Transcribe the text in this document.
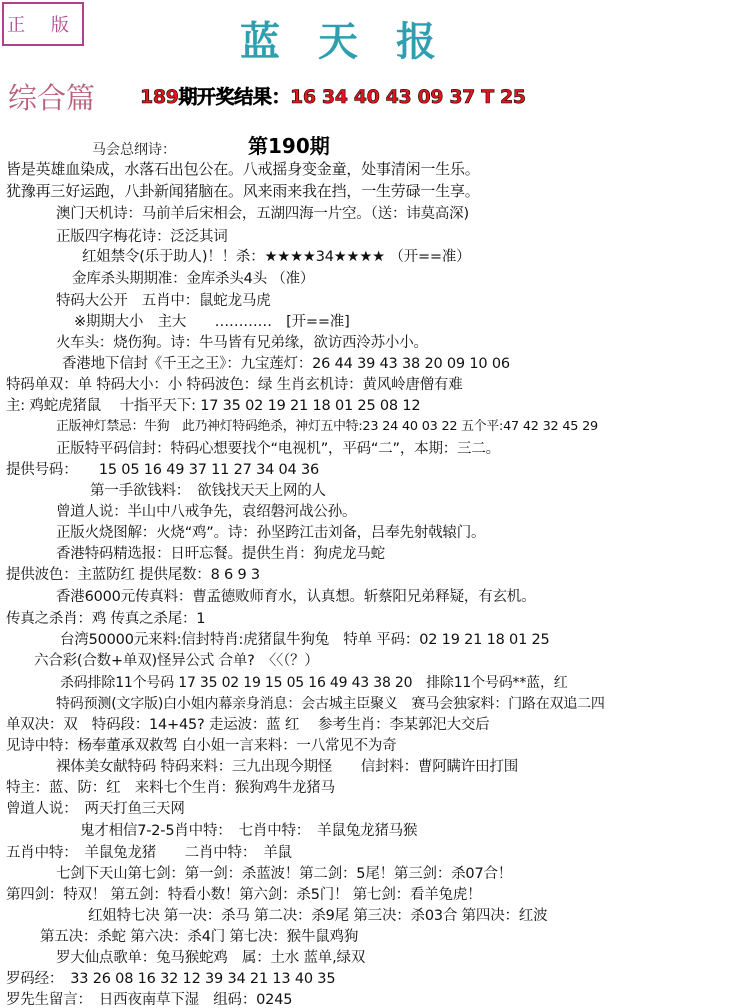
正 版	蓝天报
综合篇 189期开奖结果：16 34 40 43 09 37 T 25
第190期
马会总纲诗：
皆是英雄血染成，水落石出包公在。八戒摇身变金童，处事清闲一生乐。
犹豫再三好运跑，八卦新闻猪脑在。风来雨来我在挡，一生劳碌一生享。
澳门天机诗：马前羊后宋相会，五湖四海一片空。（送：讳莫高深)
正版四字梅花诗：泛泛其词
红姐禁令(乐于助人)！！杀：★★★★34★★★★ （开==准）
金库杀头期期准：金库杀头4头 （准）
特码大公开　五肖中：鼠蛇龙马虎
※期期大小　主大　　…………　[开==准]
火车头：烧伤狗。诗：牛马皆有兄弟缘，欲访西泠苏小小。
香港地下信封《千王之王》：九宝莲灯：26 44 39 43 38 20 09 10 06
特码单双：单 特码大小：小 特码波色：绿 生肖玄机诗：黄风岭唐僧有难
主: 鸡蛇虎猪鼠　 十指平天下: 17 35 02 19 21 18 01 25 08 12
正版神灯禁忌：牛狗　此乃神灯特码绝杀，神灯五中特:23 24 40 03 22 五个平:47 42 32 45 29
正版特平码信封：特码心想要找个“电视机”，平码“二”，本期：三二。
提供号码：　　15 05 16 49 37 11 27 34 04 36
第一手欲钱料：　欲钱找天天上网的人
曾道人说：半山中八戒争先，袁绍磐河战公孙。
正版火烧图解：火烧“鸡”。诗：孙坚跨江击刘备，吕奉先射戟辕门。
香港特码精选报：日旰忘餐。提供生肖：狗虎龙马蛇
提供波色：主蓝防红 提供尾数：8 6 9 3
香港6000元传真料：曹孟德败师育水，认真想。斩蔡阳兄弟释疑，有玄机。
传真之杀肖：鸡 传真之杀尾：1
台湾50000元来料:信封特肖:虎猪鼠牛狗兔　特单 平码：02 19 21 18 01 25
六合彩(合数+单双)怪异公式 合单?　〈〈（？）
杀码排除11个号码 17 35 02 19 15 05 16 49 43 38 20　排除11个号码**蓝，红
特码预测(文字版)白小姐内幕亲身消息：会古城主臣聚义　赛马会独家料：门路在双追二四
单双决：双　特码段：14+45? 走运波：蓝 红　 参考生肖：李某郭汜大交后
见诗中特：杨奉董承双救驾 白小姐一言来料：一八常见不为奇
裸体美女献特码 特码来料：三九出现今期怪　　信封料：曹阿瞒许田打围
特主：蓝、防：红　来料七个生肖：猴狗鸡牛龙猪马
曾道人说：　两天打鱼三天网
鬼才相信7-2-5肖中特：　七肖中特：　羊鼠兔龙猪马猴
五肖中特：　羊鼠兔龙猪　　二肖中特：　羊鼠
七剑下天山第七剑：第一剑：杀蓝波！第二剑：5尾！第三剑：杀07合！
第四剑：特双！ 第五剑：特看小数！第六剑：杀5门！ 第七剑：看羊兔虎！
红姐特七决 第一决：杀马 第二决：杀9尾 第三决：杀03合 第四决：红波
第五决：杀蛇 第六决：杀4门 第七决：猴牛鼠鸡狗
罗大仙点歌单：兔马猴蛇鸡　属：土水 蓝单,绿双
罗码经：　33 26 08 16 32 12 39 34 21 13 40 35
罗先生留言：　日西夜南草下湿　组码：0245
